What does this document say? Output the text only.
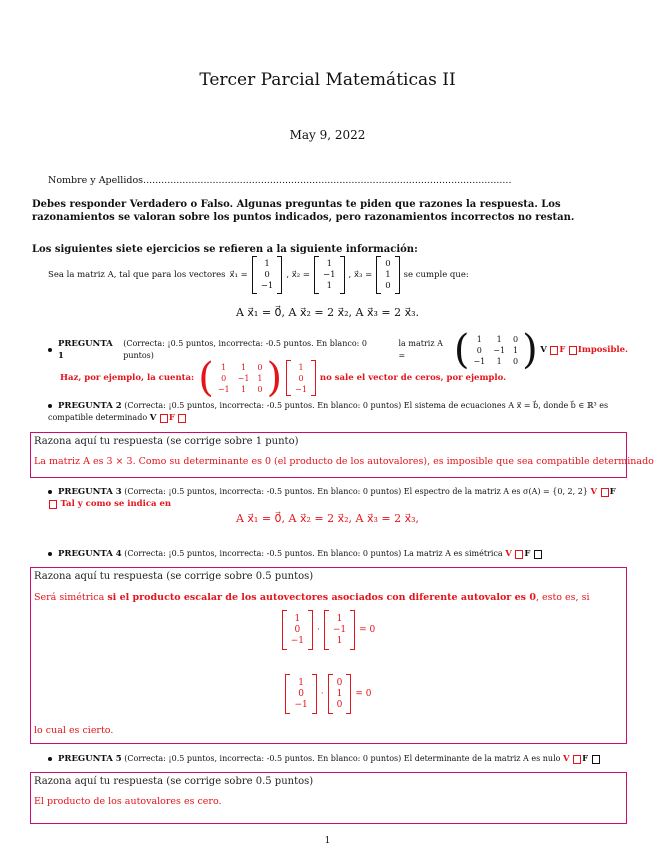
Tercer Parcial Matemáticas II
May 9, 2022
Nombre y Apellidos..........................................................................................................................
Debes responder Verdadero o Falso. Algunas preguntas te piden que razones la respuesta. Los razonamientos se valoran sobre los puntos indicados, pero razonamientos incorrectos no restan.
Los siguientes siete ejercicios se refieren a la siguiente información:
Sea la matriz A, tal que para los vectores x⃗₁ =
1
0
−1
, x⃗₂ =
1
−1
1
, x⃗₃ =
0
1
0
se cumple que:
A x⃗₁ = 0⃗, A x⃗₂ = 2 x⃗₂, A x⃗₃ = 2 x⃗₃.
PREGUNTA 1

(Correcta: ¡0.5 puntos, incorrecta: -0.5 puntos. En blanco: 0 puntos)

la matriz A =
	( 1
0
−1
1
−1
1
0
1
0 )
V
F
Imposible.
Haz, por ejemplo, la cuenta: ( 1
0
−1
1
−1
1
0
1
0 ) 1
0
−1
no sale el vector de ceros, por ejemplo.
PREGUNTA 2 (Correcta: ¡0.5 puntos, incorrecta: -0.5 puntos. En blanco: 0 puntos) El sistema de ecuaciones A x⃗ = b⃗, donde b⃗ ∈ ℝ³ es compatible determinado V F
Razona aquí tu respuesta (se corrige sobre 1 punto)
La matriz A es 3 × 3. Como su determinante es 0 (el producto de los autovalores), es imposible que sea compatible determinado
PREGUNTA 3 (Correcta: ¡0.5 puntos, incorrecta: -0.5 puntos. En blanco: 0 puntos) El espectro de la matriz A es σ(A) = {0, 2, 2} V F  Tal y como se indica en
A x⃗₁ = 0⃗, A x⃗₂ = 2 x⃗₂, A x⃗₃ = 2 x⃗₃,
PREGUNTA 4 (Correcta: ¡0.5 puntos, incorrecta: -0.5 puntos. En blanco: 0 puntos) La matriz A es simétrica V F
Razona aquí tu respuesta (se corrige sobre 0.5 puntos)
Será simétrica si el producto escalar de los autovectores asociados con diferente autovalor es 0, esto es, si
1
0
−1
·
1
−1
1
= 0
1
0
−1
·
0
1
0
= 0
lo cual es cierto.
PREGUNTA 5 (Correcta: ¡0.5 puntos, incorrecta: -0.5 puntos. En blanco: 0 puntos) El determinante de la matriz A es nulo V F
Razona aquí tu respuesta (se corrige sobre 0.5 puntos)
El producto de los autovalores es cero.
1
